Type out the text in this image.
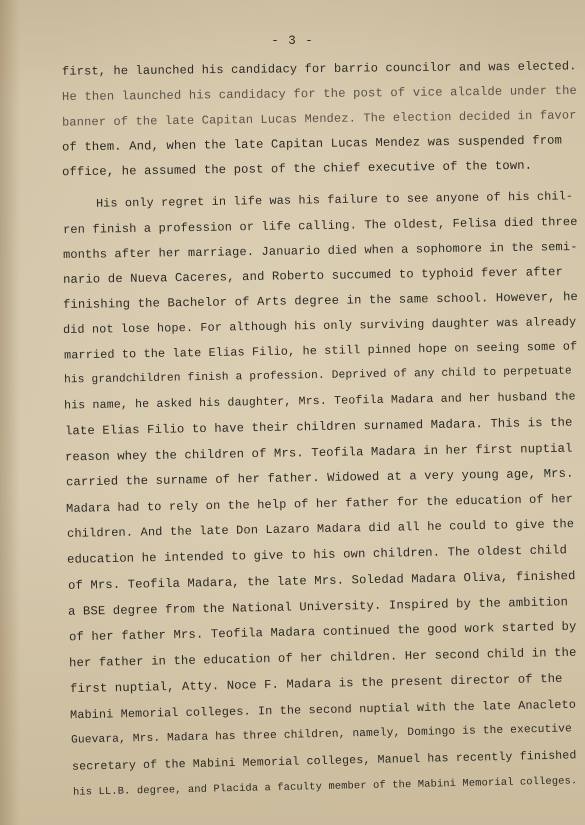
- 3 -
first, he launched his candidacy for barrio councilor and was elected.
He then launched his candidacy for the post of vice alcalde under the
banner of the late Capitan Lucas Mendez. The election decided in favor
of them. And, when the late Capitan Lucas Mendez was suspended from
office, he assumed the post of the chief executive of the town.
His only regret in life was his failure to see anyone of his chil-
ren finish a profession or life calling. The oldest, Felisa died three
months after her marriage. Januario died when a sophomore in the semi-
nario de Nueva Caceres, and Roberto succumed to typhoid fever after
finishing the Bachelor of Arts degree in the same school. However, he
did not lose hope. For although his only surviving daughter was already
married to the late Elias Filio, he still pinned hope on seeing some of
his grandchildren finish a profession. Deprived of any child to perpetuate
his name, he asked his daughter, Mrs. Teofila Madara and her husband the
late Elias Filio to have their children surnamed Madara. This is the
reason whey the children of Mrs. Teofila Madara in her first nuptial
carried the surname of her father. Widowed at a very young age, Mrs.
Madara had to rely on the help of her father for the education of her
children. And the late Don Lazaro Madara did all he could to give the
education he intended to give to his own children. The oldest child
of Mrs. Teofila Madara, the late Mrs. Soledad Madara Oliva, finished
a BSE degree from the National University. Inspired by the ambition
of her father Mrs. Teofila Madara continued the good work started by
her father in the education of her children. Her second child in the
first nuptial, Atty. Noce F. Madara is the present director of the
Mabini Memorial colleges. In the second nuptial with the late Anacleto
Guevara, Mrs. Madara has three children, namely, Domingo is the executive
secretary of the Mabini Memorial colleges, Manuel has recently finished
his LL.B. degree, and Placida a faculty member of the Mabini Memorial colleges.
